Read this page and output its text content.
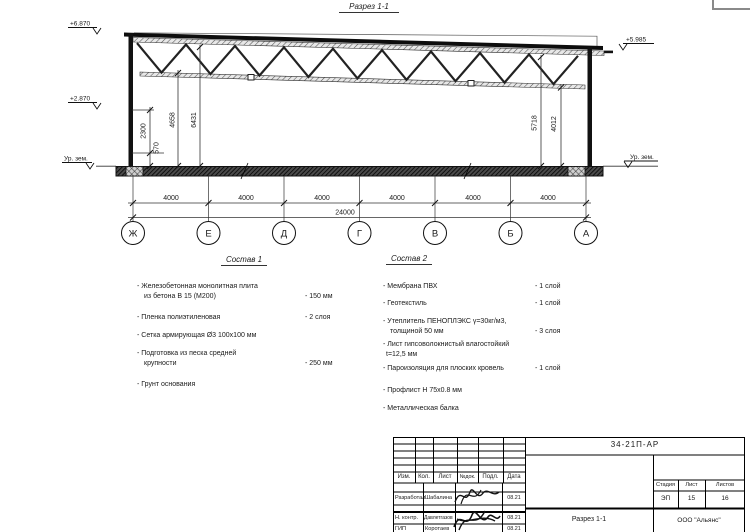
Разрез 1-1
+6.870
+2.870
Ур. зем.
+5.985
Ур. зем.
2300
570
4658 6431	5718 4012
4000	4000	4000	4000	4000	4000
24000
Ж	Е	Д	Г	В	Б	А
Состав 1
- Железобетонная монолитная плита
из бетона В 15 (М200)	- 150 мм
- Пленка полиэтиленовая	- 2 слоя
- Сетка армирующая Ø3 100x100 мм
- Подготовка из песка средней
крупности	- 250 мм
- Грунт основания
Состав 2
- Мембрана ПВХ	- 1 слой
- Геотекстиль	- 1 слой
- Утеплитель ПЕНОПЛЭКС γ=30кг/м3,
толщиной 50 мм	- 3 слоя
- Лист гипсоволокнистый влагостойкий
t=12,5 мм
- Пароизоляция для плоских кровель	- 1 слой
- Профлист Н 75х0.8 мм
- Металлическая балка
34-21П-АР
Изм.	Кол.	Лист	№док.	Подл.	Дата
Разработал Шабалина	08.21
Н. контр. Давлетгазов	08.21
ГИП	Коротаев	08.21
Стадия	Лист	Листов
ЭП	15	16
Разрез 1-1	ООО "Альянс"
